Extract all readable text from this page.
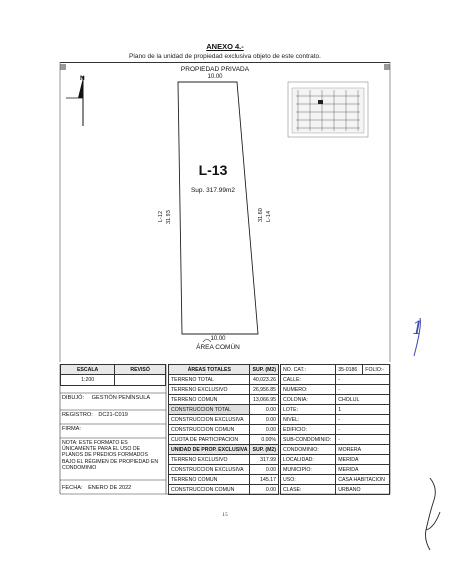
ANEXO 4.-
Plano de la unidad de propiedad exclusiva objeto de este contrato.
N
PROPIEDAD PRIVADA
10.00
L-13
Sup. 317.99m2
L-12 31.93	31.60 L-14
10.00
ÁREA COMÚN
ESCALA	REVISÓ
1:200	
DIBUJÓ: GESTIÓN PENÍNSULA
REGISTRO: DC21-C019
FIRMA:
NOTA: ESTE FORMATO ES ÚNICAMENTE PARA EL USO DE PLANOS DE PREDIOS FORMADOS BAJO EL RÉGIMEN DE PROPIEDAD EN CONDOMINIO
FECHA: ENERO DE 2022
ÁREAS TOTALES	SUP. (M2)
TERRENO TOTAL	40,023.26
TERRENO EXCLUSIVO	26,956.85
TERRENO COMUN	13,066.95
CONSTRUCCION TOTAL	0.00
CONSTRUCCION EXCLUSIVA	0.00
CONSTRUCCION COMUN	0.00
CUOTA DE PARTICIPACION	0.00%
UNIDAD DE PROP. EXCLUSIVA	SUP. (M2)
TERRENO EXCLUSIVO	317.99
CONSTRUCCION EXCLUSIVA	0.00
TERRENO COMUN	145.17
CONSTRUCCION COMUN	0.00
NO. CAT.:	35-0186	FOLIO:-
CALLE:	-	
NUMERO:	-	
COLONIA:	CHOLUL	
LOTE:	1	
NIVEL:	-	
EDIFICIO:	-	
SUB-CONDOMINIO:	-	
CONDOMINIO:	MORERA	
LOCALIDAD:	MERIDA	
MUNICIPIO:	MERIDA	
USO:	CASA HABITACION	
CLASE:	URBANO	
15
1
